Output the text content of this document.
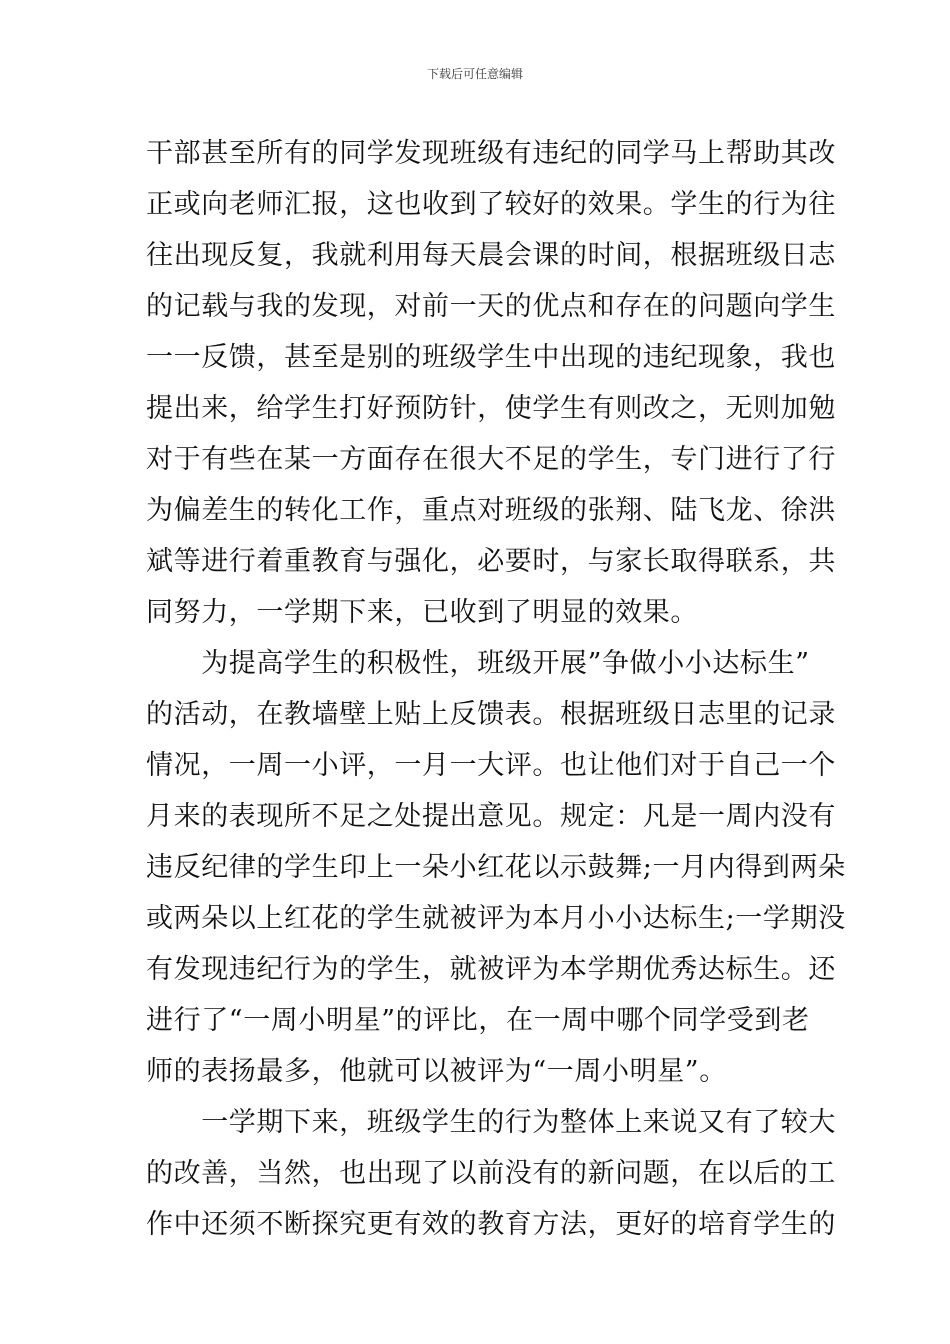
下载后可任意编辑
干部甚至所有的同学发现班级有违纪的同学马上帮助其改
正或向老师汇报，这也收到了较好的效果。学生的行为往
往出现反复，我就利用每天晨会课的时间，根据班级日志
的记载与我的发现，对前一天的优点和存在的问题向学生
一一反馈，甚至是别的班级学生中出现的违纪现象，我也
提出来，给学生打好预防针，使学生有则改之，无则加勉
对于有些在某一方面存在很大不足的学生，专门进行了行
为偏差生的转化工作，重点对班级的张翔、陆飞龙、徐洪
斌等进行着重教育与强化，必要时，与家长取得联系，共
同努力，一学期下来，已收到了明显的效果。
　　为提高学生的积极性，班级开展”争做小小达标生”
的活动，在教墙壁上贴上反馈表。根据班级日志里的记录
情况，一周一小评，一月一大评。也让他们对于自己一个
月来的表现所不足之处提出意见。规定：凡是一周内没有
违反纪律的学生印上一朵小红花以示鼓舞;一月内得到两朵
或两朵以上红花的学生就被评为本月小小达标生;一学期没
有发现违纪行为的学生，就被评为本学期优秀达标生。还
进行了“一周小明星”的评比，在一周中哪个同学受到老
师的表扬最多，他就可以被评为“一周小明星”。
　　一学期下来，班级学生的行为整体上来说又有了较大
的改善，当然，也出现了以前没有的新问题，在以后的工
作中还须不断探究更有效的教育方法，更好的培育学生的
